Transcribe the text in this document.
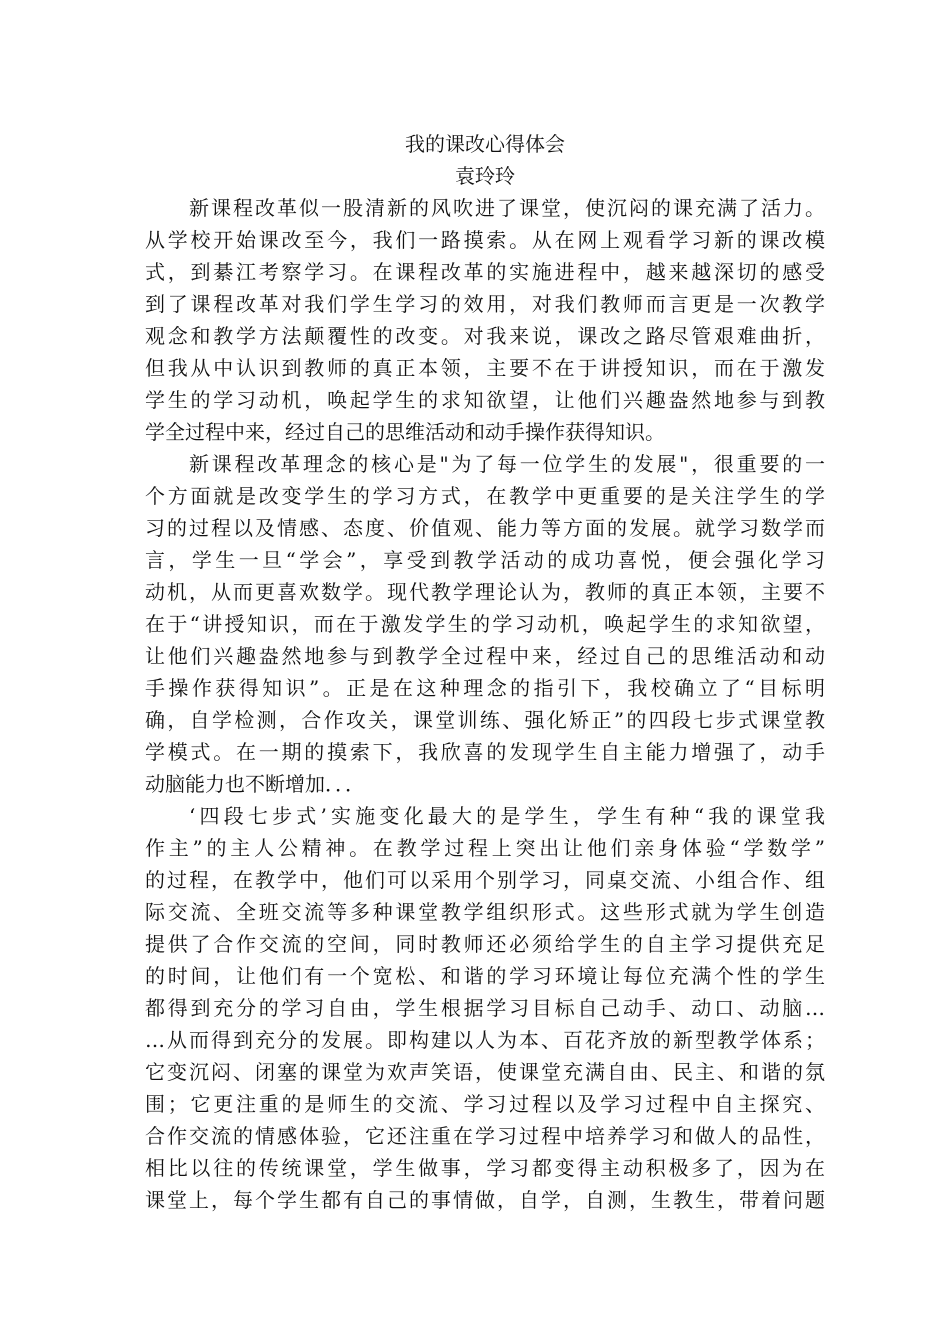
我的课改心得体会
袁玲玲
新课程改革似一股清新的风吹进了课堂，使沉闷的课充满了活力。
从学校开始课改至今，我们一路摸索。从在网上观看学习新的课改模
式，到綦江考察学习。在课程改革的实施进程中，越来越深切的感受
到了课程改革对我们学生学习的效用，对我们教师而言更是一次教学
观念和教学方法颠覆性的改变。对我来说，课改之路尽管艰难曲折，
但我从中认识到教师的真正本领，主要不在于讲授知识，而在于激发
学生的学习动机，唤起学生的求知欲望，让他们兴趣盎然地参与到教
学全过程中来，经过自己的思维活动和动手操作获得知识。
新课程改革理念的核心是"为了每一位学生的发展"，很重要的一
个方面就是改变学生的学习方式，在教学中更重要的是关注学生的学
习的过程以及情感、态度、价值观、能力等方面的发展。就学习数学而
言，学生一旦“学会”，享受到教学活动的成功喜悦，便会强化学习
动机，从而更喜欢数学。现代教学理论认为，教师的真正本领，主要不
在于“讲授知识，而在于激发学生的学习动机，唤起学生的求知欲望，
让他们兴趣盎然地参与到教学全过程中来，经过自己的思维活动和动
手操作获得知识”。正是在这种理念的指引下，我校确立了“目标明
确，自学检测，合作攻关，课堂训练、强化矫正”的四段七步式课堂教
学模式。在一期的摸索下，我欣喜的发现学生自主能力增强了，动手
动脑能力也不断增加．．．
‘四段七步式’实施变化最大的是学生，学生有种“我的课堂我
作主”的主人公精神。在教学过程上突出让他们亲身体验“学数学”
的过程，在教学中，他们可以采用个别学习，同桌交流、小组合作、组
际交流、全班交流等多种课堂教学组织形式。这些形式就为学生创造
提供了合作交流的空间，同时教师还必须给学生的自主学习提供充足
的时间，让他们有一个宽松、和谐的学习环境让每位充满个性的学生
都得到充分的学习自由，学生根据学习目标自己动手、动口、动脑…
…从而得到充分的发展。即构建以人为本、百花齐放的新型教学体系；
它变沉闷、闭塞的课堂为欢声笑语，使课堂充满自由、民主、和谐的氛
围；它更注重的是师生的交流、学习过程以及学习过程中自主探究、
合作交流的情感体验，它还注重在学习过程中培养学习和做人的品性，
相比以往的传统课堂，学生做事，学习都变得主动积极多了，因为在
课堂上，每个学生都有自己的事情做，自学，自测，生教生，带着问题
